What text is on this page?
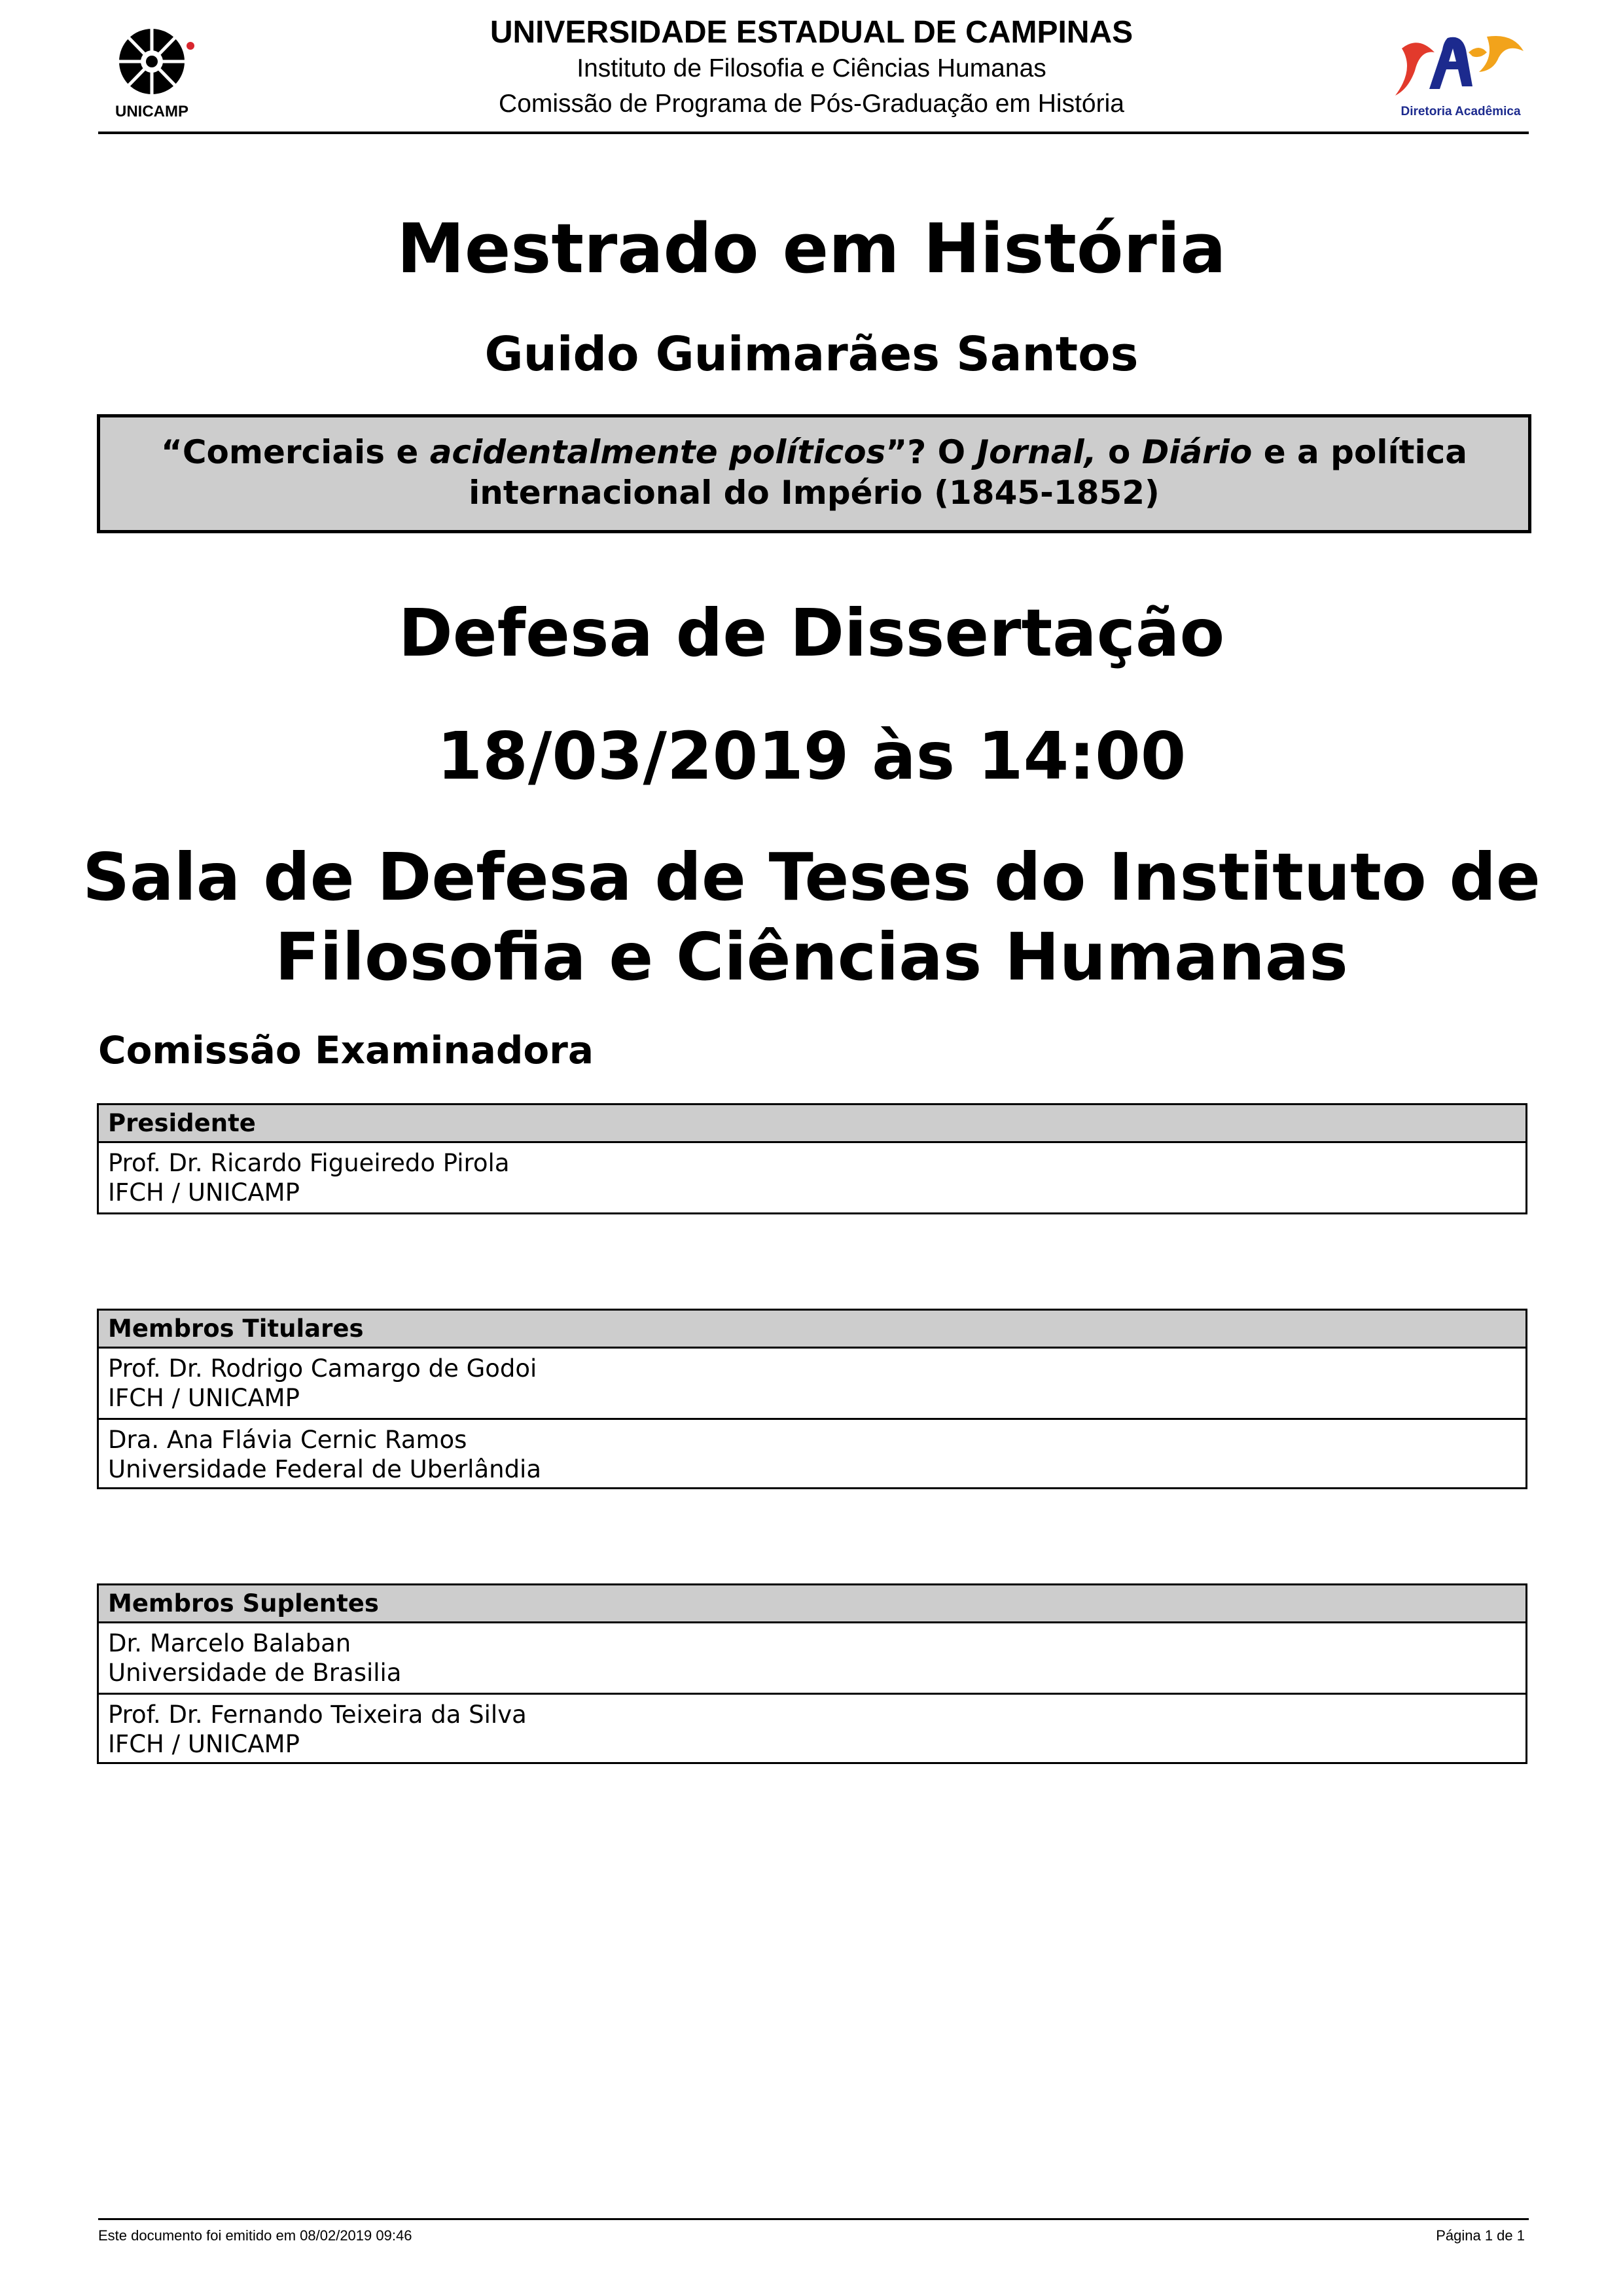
UNICAMP
UNIVERSIDADE ESTADUAL DE CAMPINAS
Instituto de Filosofia e Ciências Humanas
Comissão de Programa de Pós-Graduação em História	Diretoria Acadêmica
Mestrado em História
Guido Guimarães Santos
“Comerciais e acidentalmente políticos”? O Jornal, o Diário e a política
internacional do Império (1845-1852)
Defesa de Dissertação
18/03/2019 às 14:00
Sala de Defesa de Teses do Instituto de
Filosofia e Ciências Humanas
Comissão Examinadora
Presidente
Prof. Dr. Ricardo Figueiredo Pirola
IFCH / UNICAMP
Membros Titulares
Prof. Dr. Rodrigo Camargo de Godoi
IFCH / UNICAMP
Dra. Ana Flávia Cernic Ramos
Universidade Federal de Uberlândia
Membros Suplentes
Dr. Marcelo Balaban
Universidade de Brasilia
Prof. Dr. Fernando Teixeira da Silva
IFCH / UNICAMP
Este documento foi emitido em 08/02/2019 09:46	Página 1 de 1
